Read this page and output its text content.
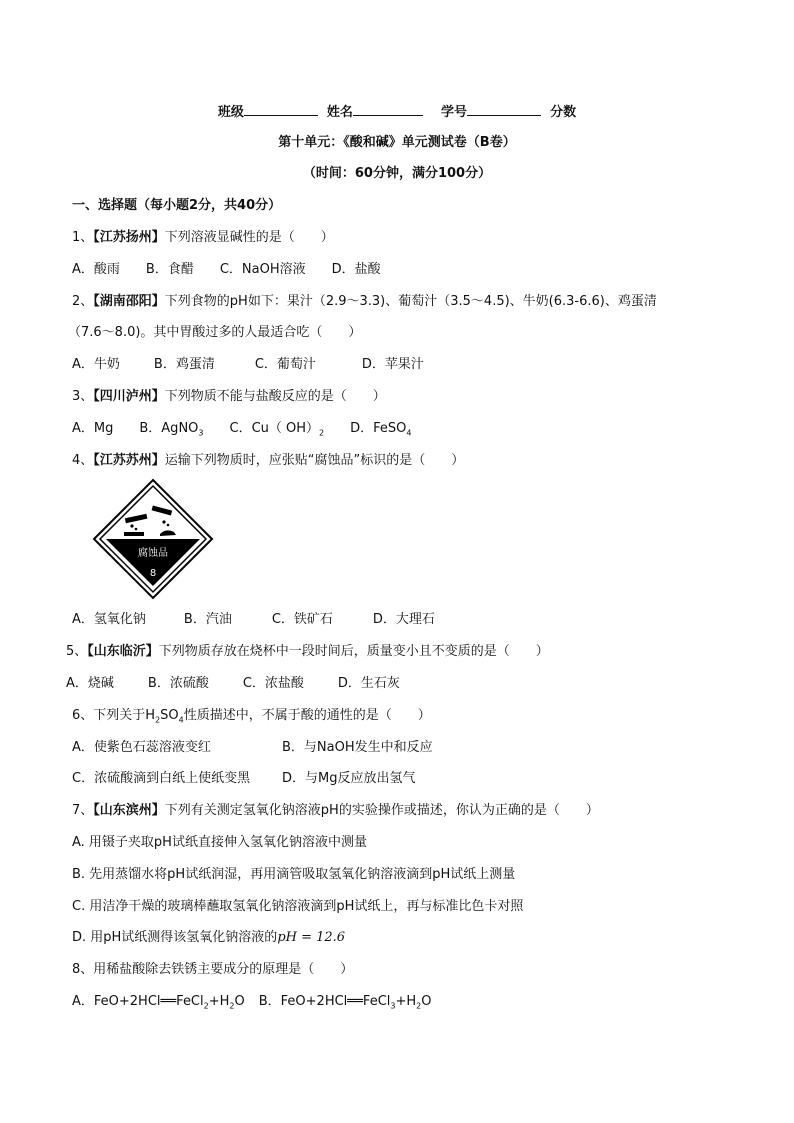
班级	姓名	学号	分数
第十单元：《酸和碱》单元测试卷（B卷）
（时间：60分钟，满分100分）
一、选择题（每小题2分，共40分）
1、【江苏扬州】下列溶液显碱性的是（　　）
A．酸雨 B．食醋 C．NaOH溶液 D．盐酸
2、【湖南邵阳】下列食物的pH如下：果汁（2.9～3.3)、葡萄汁（3.5～4.5)、牛奶(6.3-6.6)、鸡蛋清
（7.6～8.0)。其中胃酸过多的人最适合吃（　　）
A．牛奶	B．鸡蛋清	C．葡萄汁	D．苹果汁
3、【四川泸州】下列物质不能与盐酸反应的是（　　）
A．Mg B．AgNO$_3$ C．Cu（ $OH)_2$ D．FeSO$_4$
4、【江苏苏州】运输下列物质时，应张贴“腐蚀品”标识的是（　　）
腐蚀品
8
A．氢氧化钠	B．汽油	C．铁矿石	D．大理石
5、【山东临沂】下列物质存放在烧杯中一段时间后，质量变小且不变质的是（　　）
A．烧碱	B．浓硫酸	C．浓盐酸	D．生石灰
6、下列关于$H_2SO_4$性质描述中，不属于酸的通性的是（　　）
A．使紫色石蕊溶液变红	B．与NaOH发生中和反应
C．浓硫酸滴到白纸上使纸变黑 D．与Mg反应放出氢气
7、【山东滨州】下列有关测定氢氧化钠溶液pH的实验操作或描述，你认为正确的是（　　）
A. 用镊子夹取pH试纸直接伸入氢氧化钠溶液中测量
B. 先用蒸馏水将pH试纸润湿，再用滴管吸取氢氧化钠溶液滴到pH试纸上测量
C. 用洁净干燥的玻璃棒蘸取氢氧化钠溶液滴到pH试纸上，再与标准比色卡对照
D. 用pH试纸测得该氢氧化钠溶液的pH = 12.6
8、用稀盐酸除去铁锈主要成分的原理是（　　）
A．$FeO+2HCl══FeCl_2+H_2O$ B．$FeO+2HCl══FeCl_3+H_2O$
